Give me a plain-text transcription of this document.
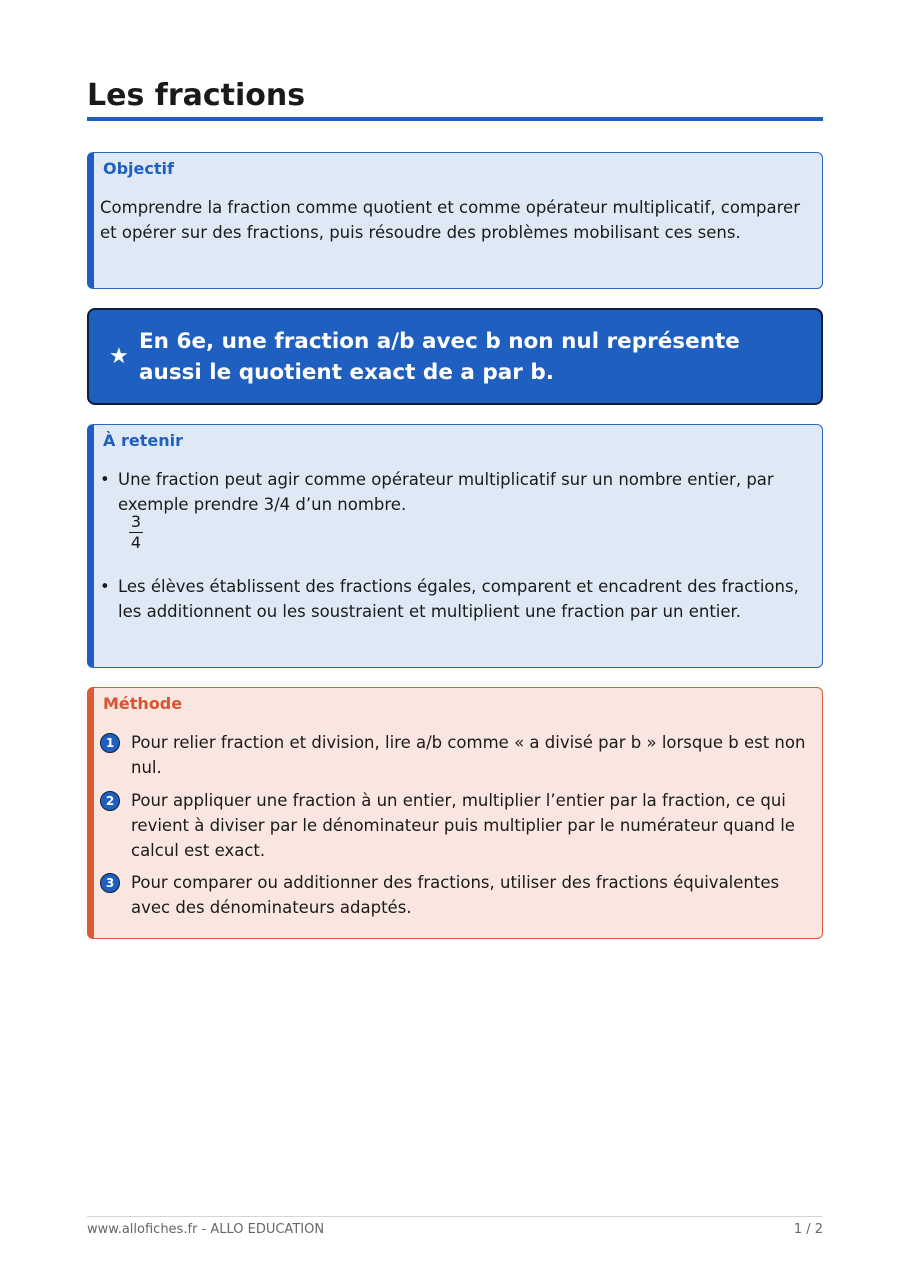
Les fractions
Objectif
Comprendre la fraction comme quotient et comme opérateur multiplicatif, comparer et opérer sur des fractions, puis résoudre des problèmes mobilisant ces sens.
★
En 6e, une fraction a/b avec b non nul représente aussi le quotient exact de a par b.
À retenir
• Une fraction peut agir comme opérateur multiplicatif sur un nombre entier, par exemple prendre 3/4 d’un nombre.
3
4
• Les élèves établissent des fractions égales, comparent et encadrent des fractions, les additionnent ou les soustraient et multiplient une fraction par un entier.
Méthode
1	Pour relier fraction et division, lire a/b comme « a divisé par b » lorsque b est non nul.
2	Pour appliquer une fraction à un entier, multiplier l’entier par la fraction, ce qui revient à diviser par le dénominateur puis multiplier par le numérateur quand le calcul est exact.
3	Pour comparer ou additionner des fractions, utiliser des fractions équivalentes avec des dénominateurs adaptés.
www.allofiches.fr - ALLO EDUCATION	1 / 2
